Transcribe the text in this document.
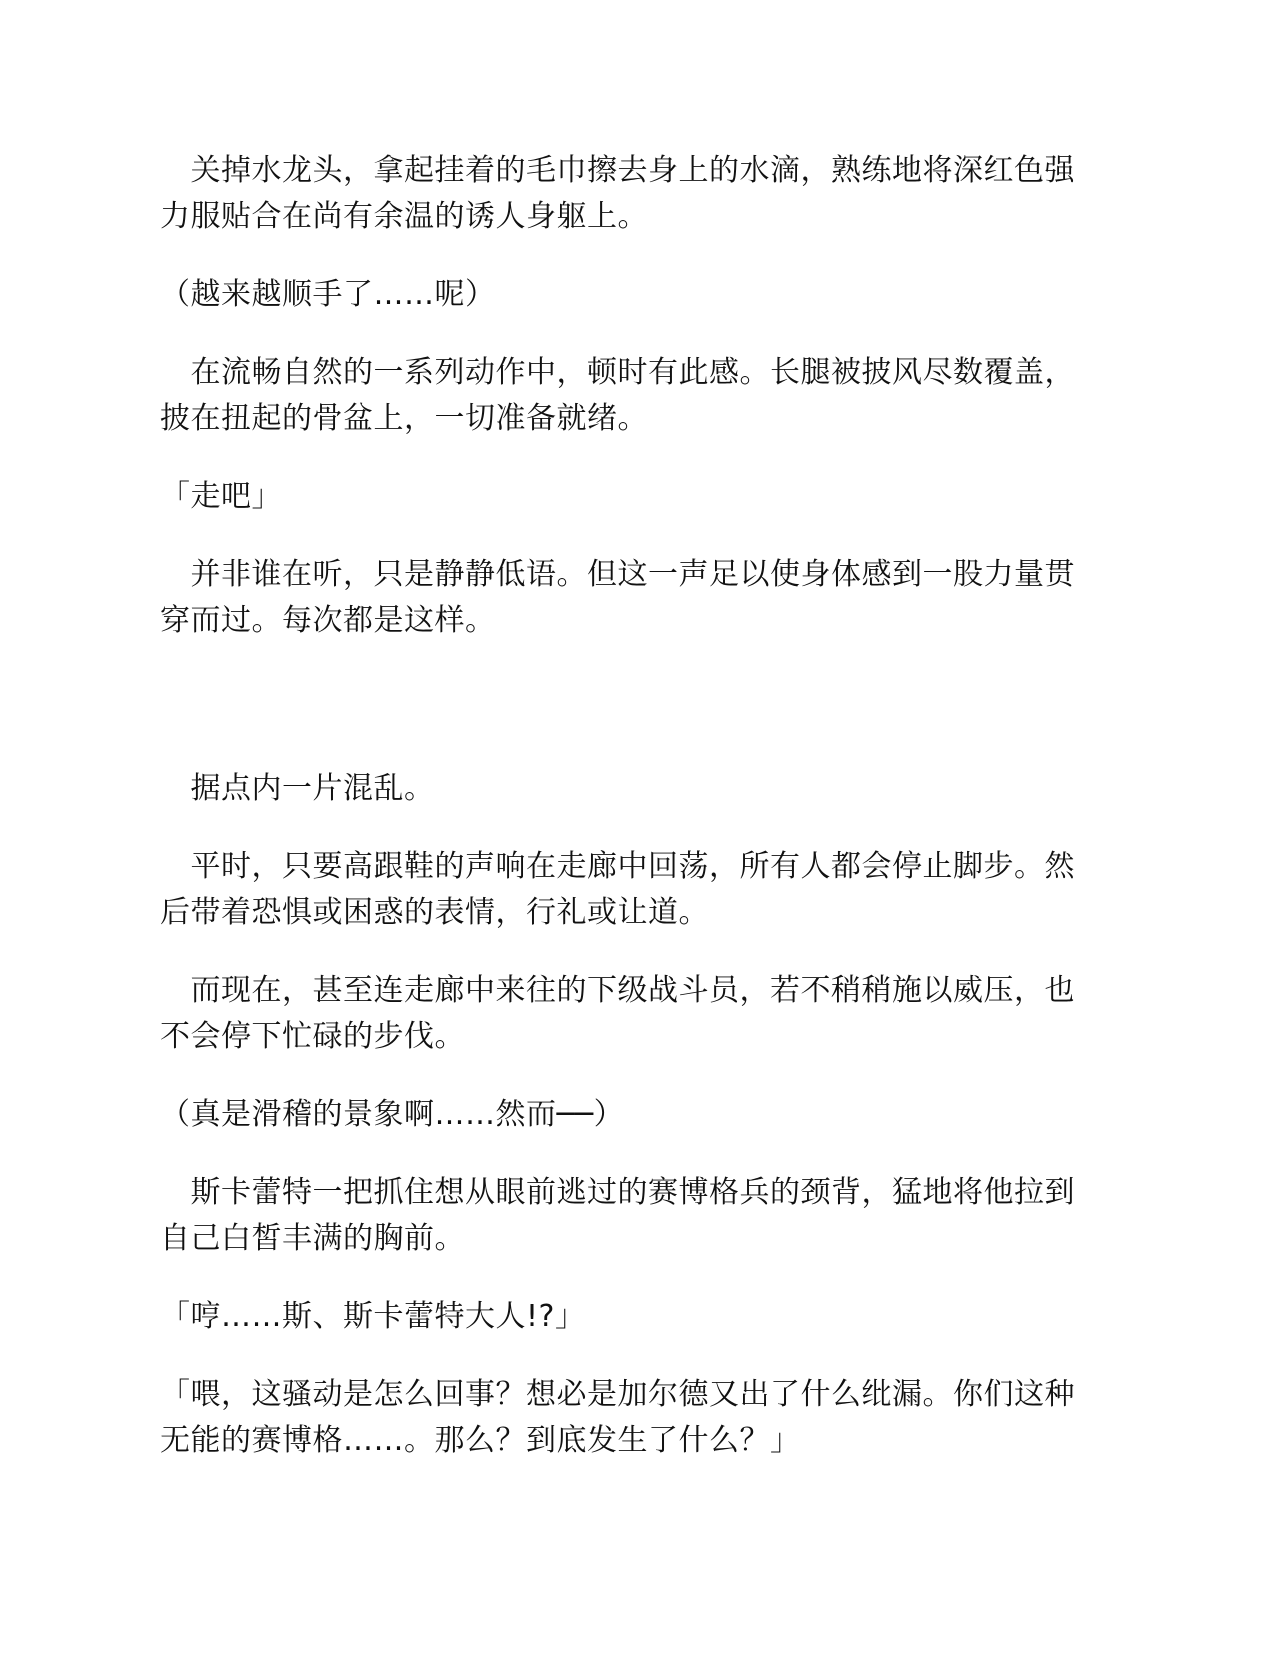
　关掉水龙头，拿起挂着的毛巾擦去身上的水滴，熟练地将深红色强力服贴合在尚有余温的诱人身躯上。

（越来越顺手了……呢）

　在流畅自然的一系列动作中，顿时有此感。长腿被披风尽数覆盖，披在扭起的骨盆上，一切准备就绪。

「走吧」

　并非谁在听，只是静静低语。但这一声足以使身体感到一股力量贯穿而过。每次都是这样。

　据点内一片混乱。

　平时，只要高跟鞋的声响在走廊中回荡，所有人都会停止脚步。然后带着恐惧或困惑的表情，行礼或让道。

　而现在，甚至连走廊中来往的下级战斗员，若不稍稍施以威压，也不会停下忙碌的步伐。

（真是滑稽的景象啊……然而──）

　斯卡蕾特一把抓住想从眼前逃过的赛博格兵的颈背，猛地将他拉到自己白皙丰满的胸前。

「哼……斯、斯卡蕾特大人!?」

「喂，这骚动是怎么回事？想必是加尔德又出了什么纰漏。你们这种无能的赛博格……。那么？到底发生了什么？」
